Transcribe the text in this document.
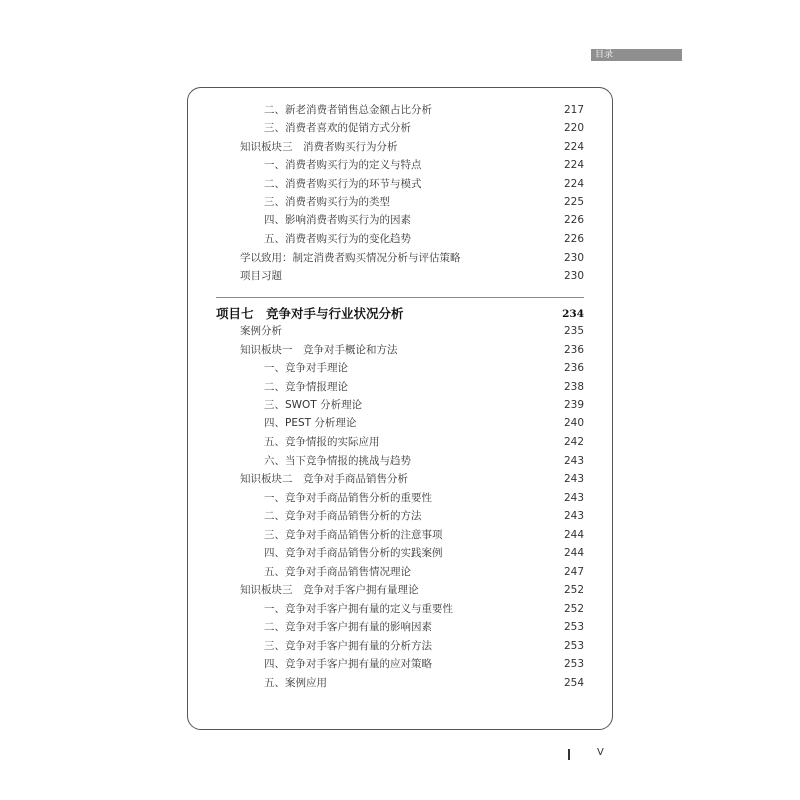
目录
二、新老消费者销售总金额占比分析	217
三、消费者喜欢的促销方式分析	220
知识板块三　消费者购买行为分析	224
一、消费者购买行为的定义与特点	224
二、消费者购买行为的环节与模式	224
三、消费者购买行为的类型	225
四、影响消费者购买行为的因素	226
五、消费者购买行为的变化趋势	226
学以致用：制定消费者购买情况分析与评估策略	230
项目习题	230
项目七　竞争对手与行业状况分析	234
案例分析	235
知识板块一　竞争对手概论和方法	236
一、竞争对手理论	236
二、竞争情报理论	238
三、SWOT 分析理论	239
四、PEST 分析理论	240
五、竞争情报的实际应用	242
六、当下竞争情报的挑战与趋势	243
知识板块二　竞争对手商品销售分析	243
一、竞争对手商品销售分析的重要性	243
二、竞争对手商品销售分析的方法	243
三、竞争对手商品销售分析的注意事项	244
四、竞争对手商品销售分析的实践案例	244
五、竞争对手商品销售情况理论	247
知识板块三　竞争对手客户拥有量理论	252
一、竞争对手客户拥有量的定义与重要性	252
二、竞争对手客户拥有量的影响因素	253
三、竞争对手客户拥有量的分析方法	253
四、竞争对手客户拥有量的应对策略	253
五、案例应用	254
V
